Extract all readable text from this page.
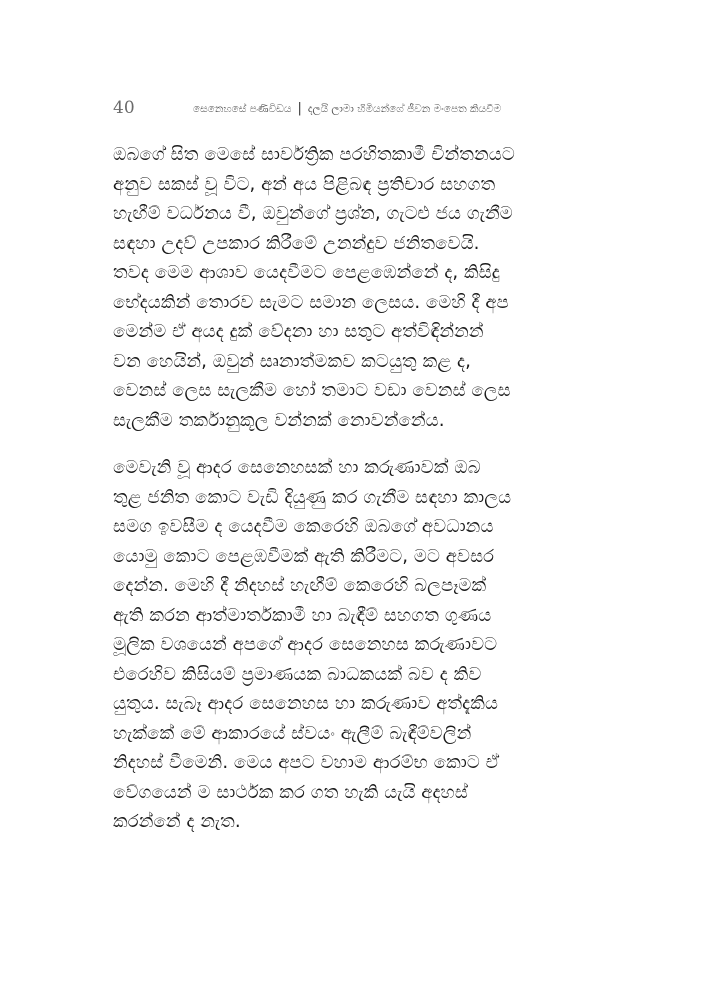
40	සෙනෙහසේ පණිවිඩය | දලයි ලාමා හිමියන්ගේ ජීවන මංපෙත කියවීම

ඔබගේ සිත මෙසේ සාර්වත්‍රික පරහිතකාමී චින්තනයට
අනුව සකස් වූ විට, අන් අය පිළිබඳ ප්‍රතිචාර සහගත
හැඟීම් වර්ධනය වී, ඔවුන්ගේ ප්‍රශ්න, ගැටළු ජය ගැනීම
සඳහා උදව් උපකාර කිරීමේ උනන්දුව ජනිතවෙයි.
තවද මෙම ආශාව යෙදවීමට පෙළඹෙන්නේ ද, කිසිදු
භේදයකින් තොරව සැමට සමාන ලෙසය. මෙහි දී අප
මෙන්ම ඒ අයද දුක් වේදනා හා සතුට අත්විඳින්නන්
වන හෙයින්, ඔවුන් සෘනාත්මකව කටයුතු කළ ද,
වෙනස් ලෙස සැලකීම හෝ තමාට වඩා වෙනස් ලෙස
සැලකීම තර්කානුකූල වන්නක් නොවන්නේය.

මෙවැනි වූ ආදර සෙනෙහසක් හා කරුණාවක් ඔබ
තුළ ජනිත කොට වැඩි දියුණු කර ගැනීම සඳහා කාලය
සමග ඉවසීම ද යෙදවීම කෙරෙහි ඔබගේ අවධානය
යොමු කොට පෙළඹවීමක් ඇති කිරීමට, මට අවසර
දෙන්න. මෙහි දී නිදහස් හැඟීම් කෙරෙහි බලපෑමක්
ඇති කරන ආත්මාර්තකාමී හා බැඳීම් සහගත ගුණය
මූලික වශයෙන් අපගේ ආදර සෙනෙහස කරුණාවට
එරෙහිව කිසියම් ප්‍රමාණයක බාධකයක් බව ද කිව
යුතුය. සැබෑ ආදර සෙනෙහස හා කරුණාව අත්දැකිය
හැක්කේ මේ ආකාරයේ ස්වයං ඇලීම් බැඳීම්වලින්
නිදහස් වීමෙනි. මෙය අපට වහාම ආරම්භ කොට ඒ
වේගයෙන් ම සාර්ථක කර ගත හැකි යැයි අදහස්
කරන්නේ ද නැත.
